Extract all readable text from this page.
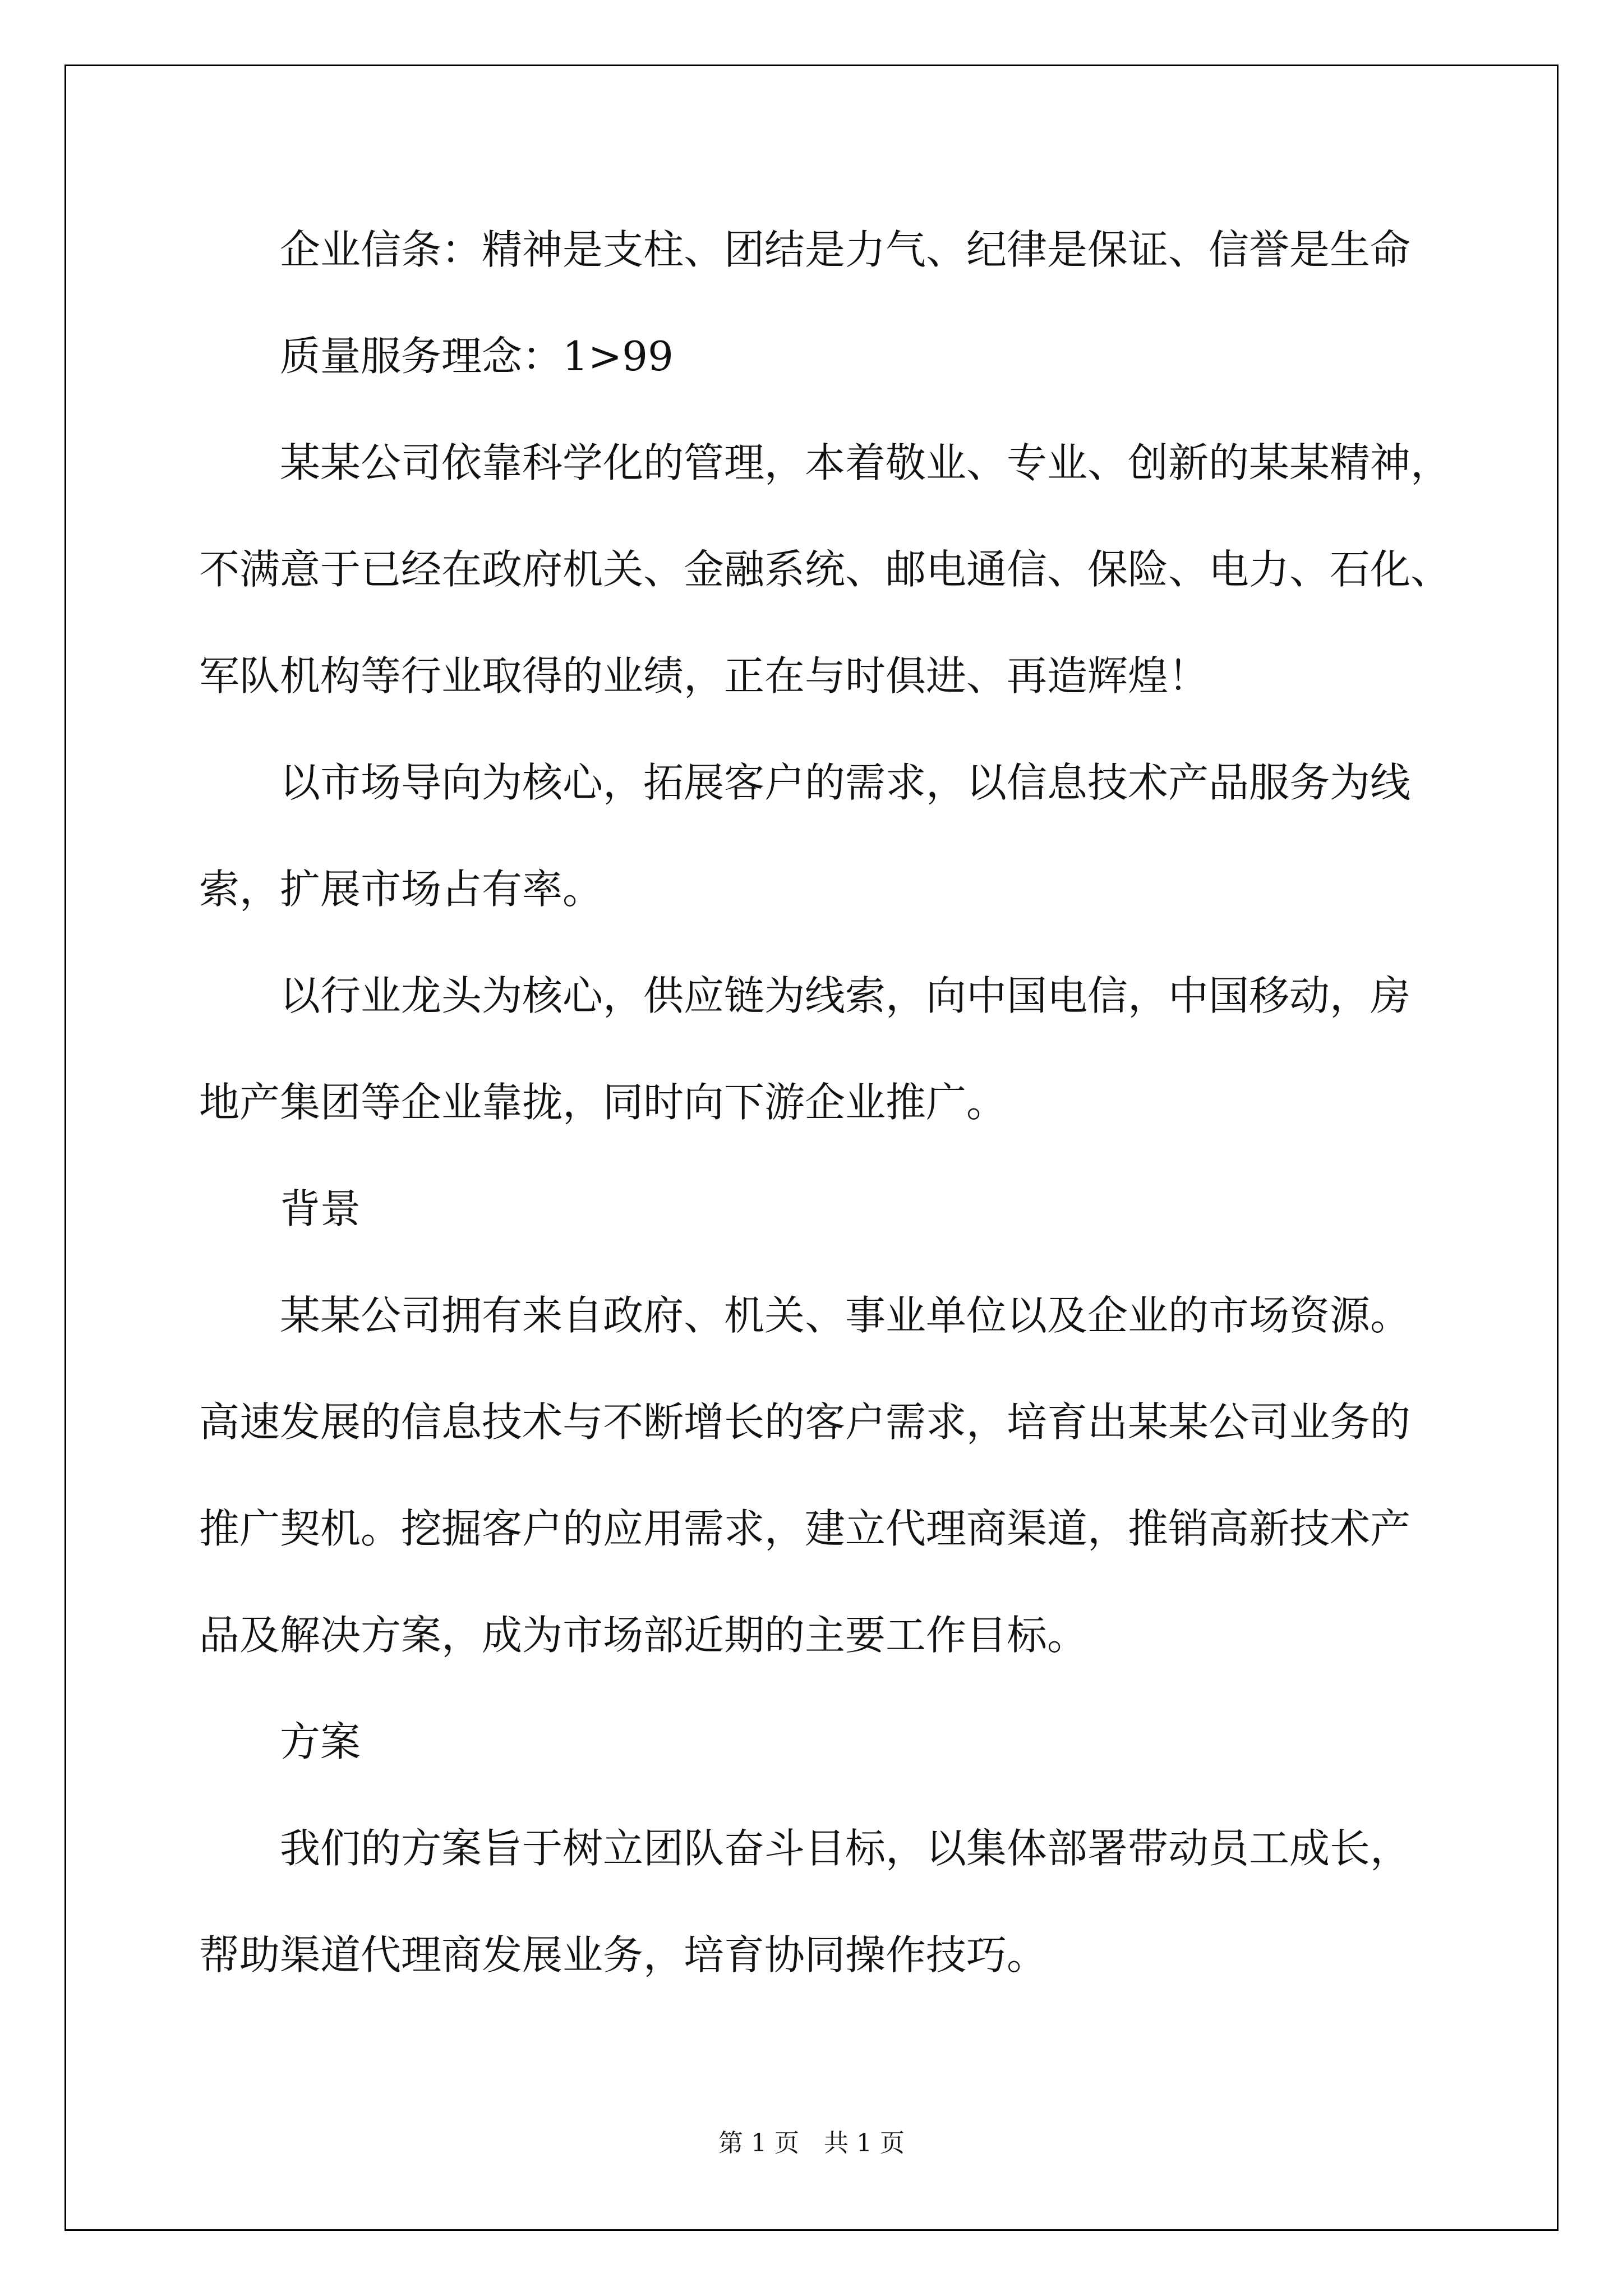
　　企业信条：精神是支柱、团结是力气、纪律是保证、信誉是生命
　　质量服务理念：1>99
　　某某公司依靠科学化的管理，本着敬业、专业、创新的某某精神，
不满意于已经在政府机关、金融系统、邮电通信、保险、电力、石化、
军队机构等行业取得的业绩，正在与时俱进、再造辉煌！
　　以市场导向为核心，拓展客户的需求，以信息技术产品服务为线
索，扩展市场占有率。
　　以行业龙头为核心，供应链为线索，向中国电信，中国移动，房
地产集团等企业靠拢，同时向下游企业推广。
　　背景
　　某某公司拥有来自政府、机关、事业单位以及企业的市场资源。
高速发展的信息技术与不断增长的客户需求，培育出某某公司业务的
推广契机。挖掘客户的应用需求，建立代理商渠道，推销高新技术产
品及解决方案，成为市场部近期的主要工作目标。
　　方案
　　我们的方案旨于树立团队奋斗目标，以集体部署带动员工成长，
帮助渠道代理商发展业务，培育协同操作技巧。
第 1 页　共 1 页
